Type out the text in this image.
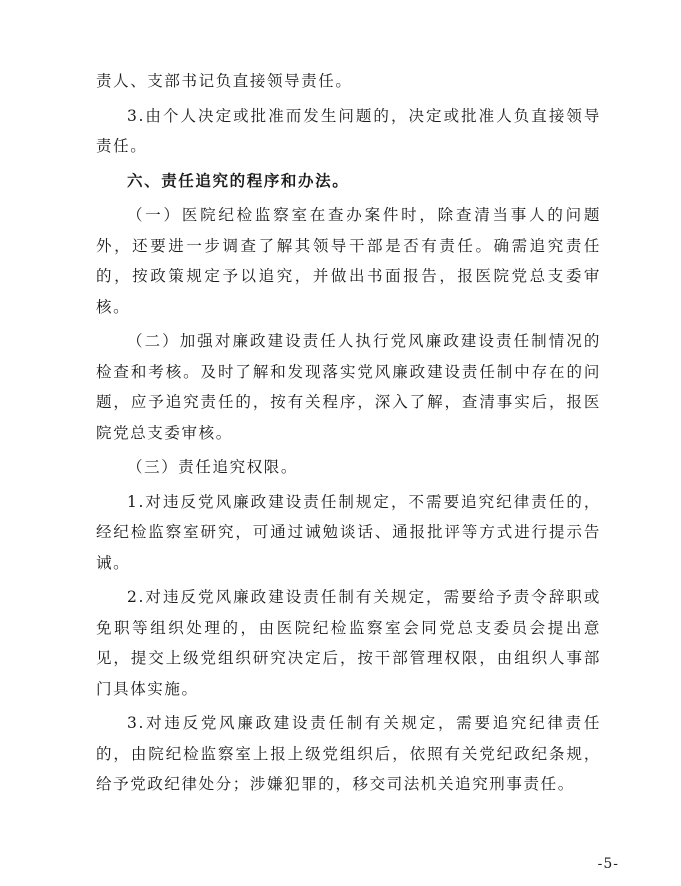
责人、支部书记负直接领导责任。

3.由个人决定或批准而发生问题的，决定或批准人负直接领导责任。

六、责任追究的程序和办法。

（一）医院纪检监察室在查办案件时，除查清当事人的问题外，还要进一步调查了解其领导干部是否有责任。确需追究责任的，按政策规定予以追究，并做出书面报告，报医院党总支委审核。

（二）加强对廉政建设责任人执行党风廉政建设责任制情况的检查和考核。及时了解和发现落实党风廉政建设责任制中存在的问题，应予追究责任的，按有关程序，深入了解，查清事实后，报医院党总支委审核。

（三）责任追究权限。

1.对违反党风廉政建设责任制规定，不需要追究纪律责任的，经纪检监察室研究，可通过诫勉谈话、通报批评等方式进行提示告诫。

2.对违反党风廉政建设责任制有关规定，需要给予责令辞职或免职等组织处理的，由医院纪检监察室会同党总支委员会提出意见，提交上级党组织研究决定后，按干部管理权限，由组织人事部门具体实施。

3.对违反党风廉政建设责任制有关规定，需要追究纪律责任的，由院纪检监察室上报上级党组织后，依照有关党纪政纪条规，给予党政纪律处分；涉嫌犯罪的，移交司法机关追究刑事责任。

-5-
